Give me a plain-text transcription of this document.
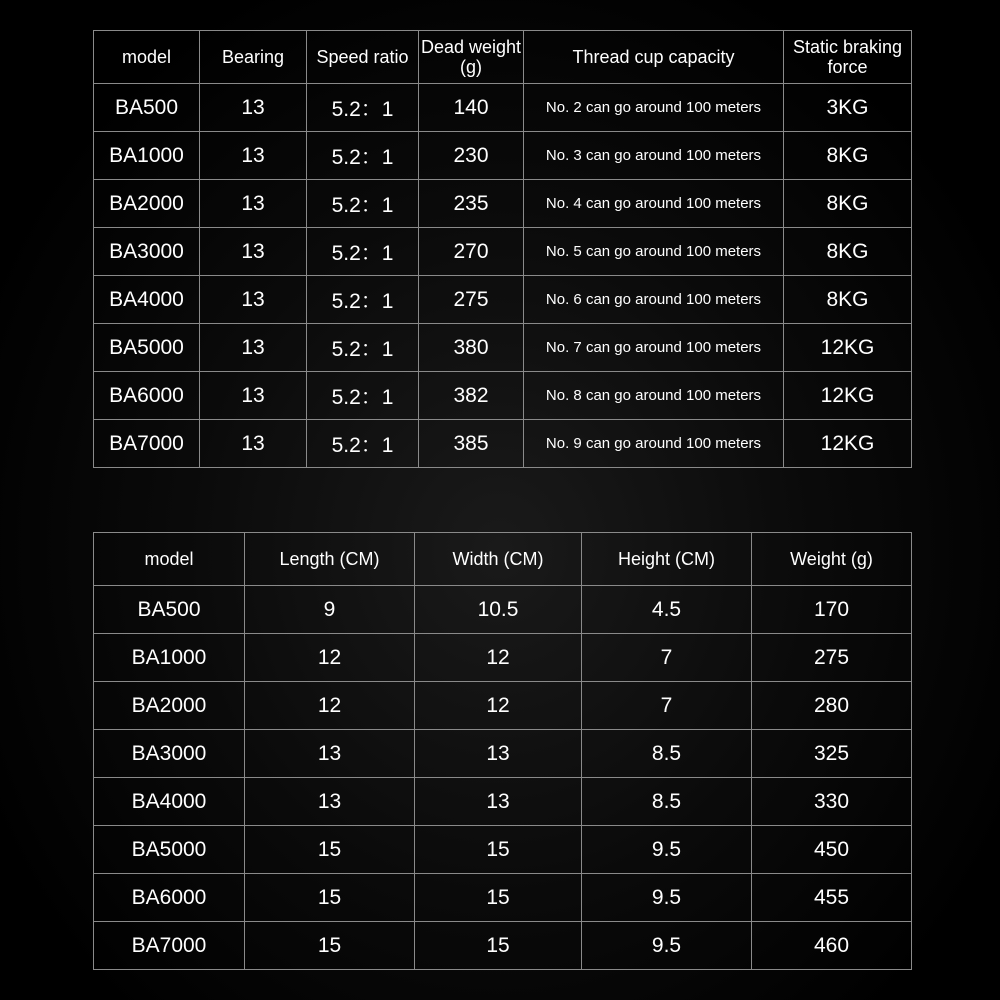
model	Bearing	Speed ratio	Dead weight (g)	Thread cup capacity	Static braking force
BA500	13	5.2：1	140	No. 2 can go around 100 meters	3KG
BA1000	13	5.2：1	230	No. 3 can go around 100 meters	8KG
BA2000	13	5.2：1	235	No. 4 can go around 100 meters	8KG
BA3000	13	5.2：1	270	No. 5 can go around 100 meters	8KG
BA4000	13	5.2：1	275	No. 6 can go around 100 meters	8KG
BA5000	13	5.2：1	380	No. 7 can go around 100 meters	12KG
BA6000	13	5.2：1	382	No. 8 can go around 100 meters	12KG
BA7000	13	5.2：1	385	No. 9 can go around 100 meters	12KG
model	Length (CM)	Width (CM)	Height (CM)	Weight (g)
BA500	9	10.5	4.5	170
BA1000	12	12	7	275
BA2000	12	12	7	280
BA3000	13	13	8.5	325
BA4000	13	13	8.5	330
BA5000	15	15	9.5	450
BA6000	15	15	9.5	455
BA7000	15	15	9.5	460
